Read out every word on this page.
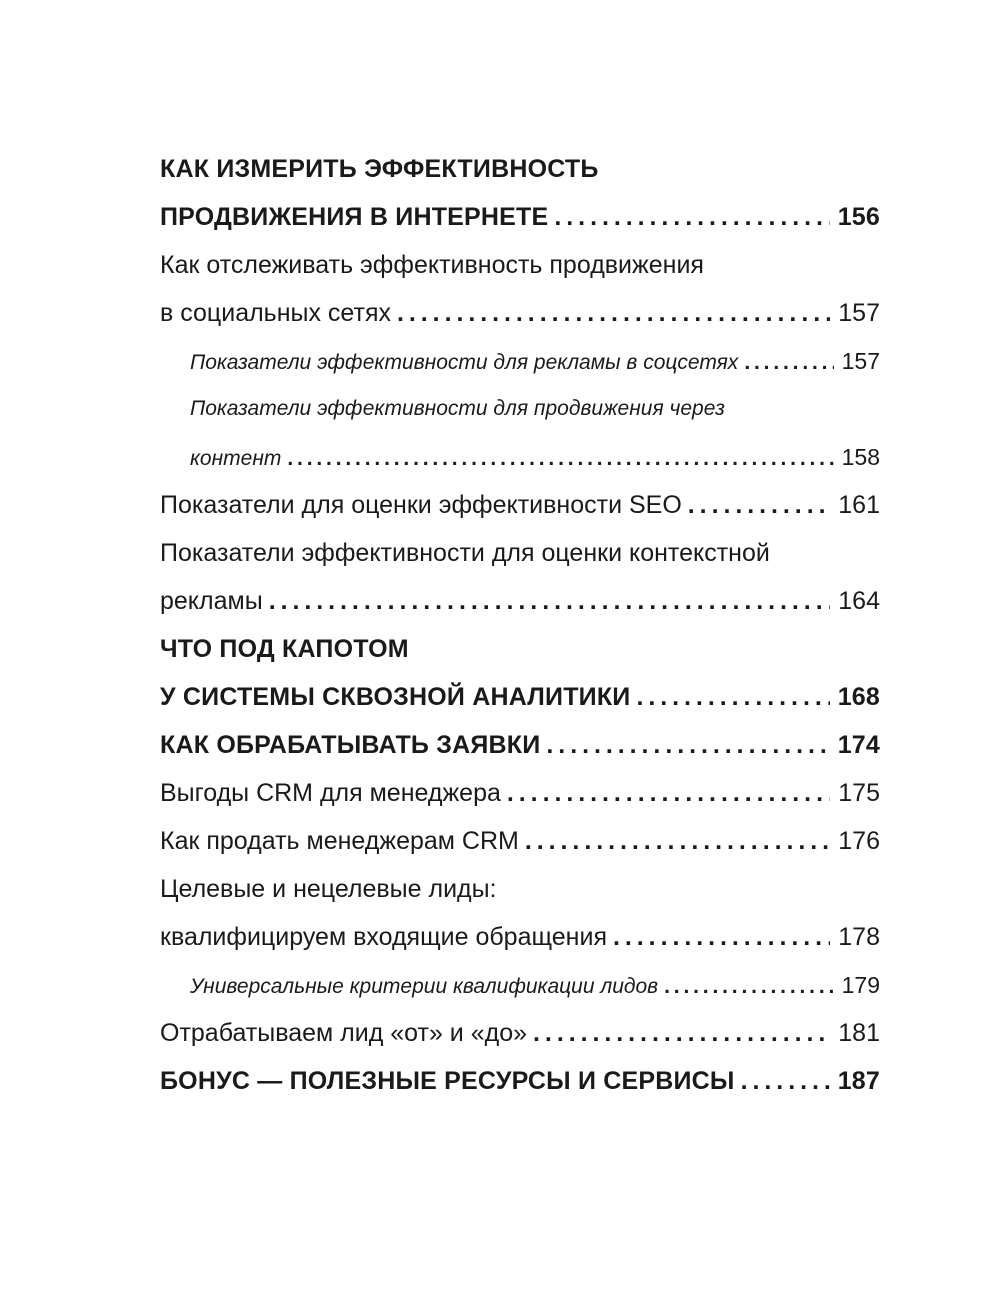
КАК ИЗМЕРИТЬ ЭФФЕКТИВНОСТЬ
ПРОДВИЖЕНИЯ В ИНТЕРНЕТЕ . . .	156
Как отслеживать эффективность продвижения
в социальных сетях . . .	157
Показатели эффективности для рекламы в соцсетях . . .	157
Показатели эффективности для продвижения через
контент . . .	158
Показатели для оценки эффективности SEO . . .	161
Показатели эффективности для оценки контекстной
рекламы . . .	164
ЧТО ПОД КАПОТОМ
У СИСТЕМЫ СКВОЗНОЙ АНАЛИТИКИ . . .	168
КАК ОБРАБАТЫВАТЬ ЗАЯВКИ . . .	174
Выгоды CRM для менеджера . . .	175
Как продать менеджерам CRM . . .	176
Целевые и нецелевые лиды:
квалифицируем входящие обращения . . .	178
Универсальные критерии квалификации лидов . . .	179
Отрабатываем лид «от» и «до» . . .	181
БОНУС — ПОЛЕЗНЫЕ РЕСУРСЫ И СЕРВИСЫ . . .	187
